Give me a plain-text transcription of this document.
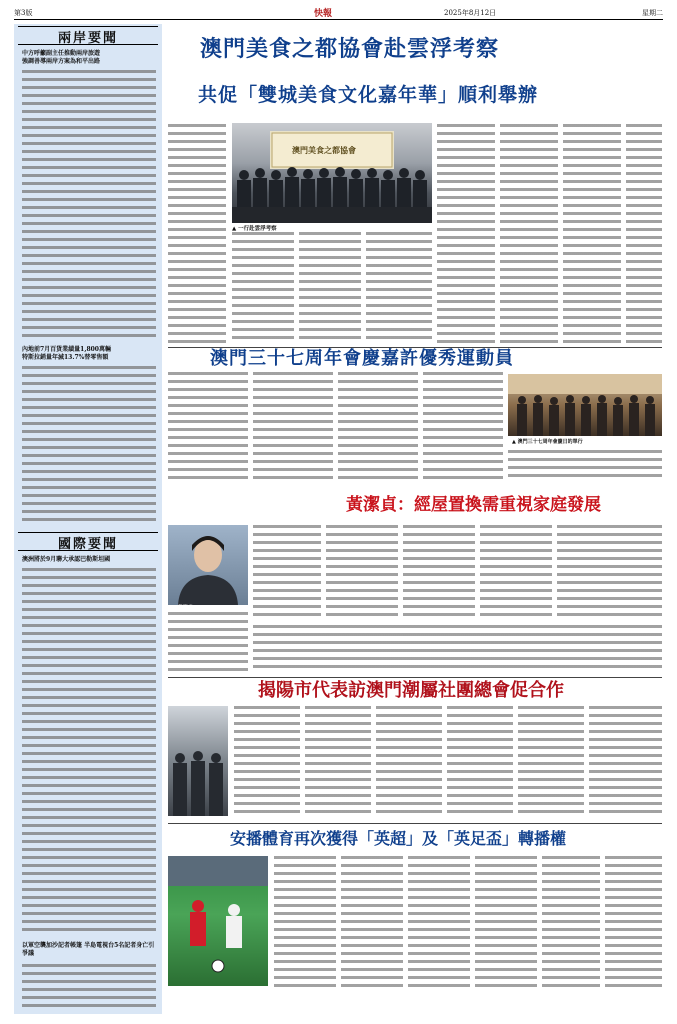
第3版	快報	2025年8月12日	星期二
兩岸要聞
中方呼籲副主任推動兩岸旅遊
強調善導兩岸方案為和平出路
內地前7月百貨業績量1,800萬輛
特斯拉銷量年減13.7%替零售額
國際要聞
澳洲將於9月聯大承認巴勒斯坦國
以軍空襲加沙記者帳篷 半島電視台5名記者身亡引爭議
澳門美食之都協會赴雲浮考察
共促「雙城美食文化嘉年華」順利舉辦
澳門美食之都協會
▲ 一行赴雲浮考察
澳門三十七周年會慶嘉許優秀運動員
▲ 澳門三十七周年會慶日的單行
黃潔貞：經屋置換需重視家庭發展
▲ 黃潔貞
揭陽市代表訪澳門潮屬社團總會促合作
安播體育再次獲得「英超」及「英足盃」轉播權
